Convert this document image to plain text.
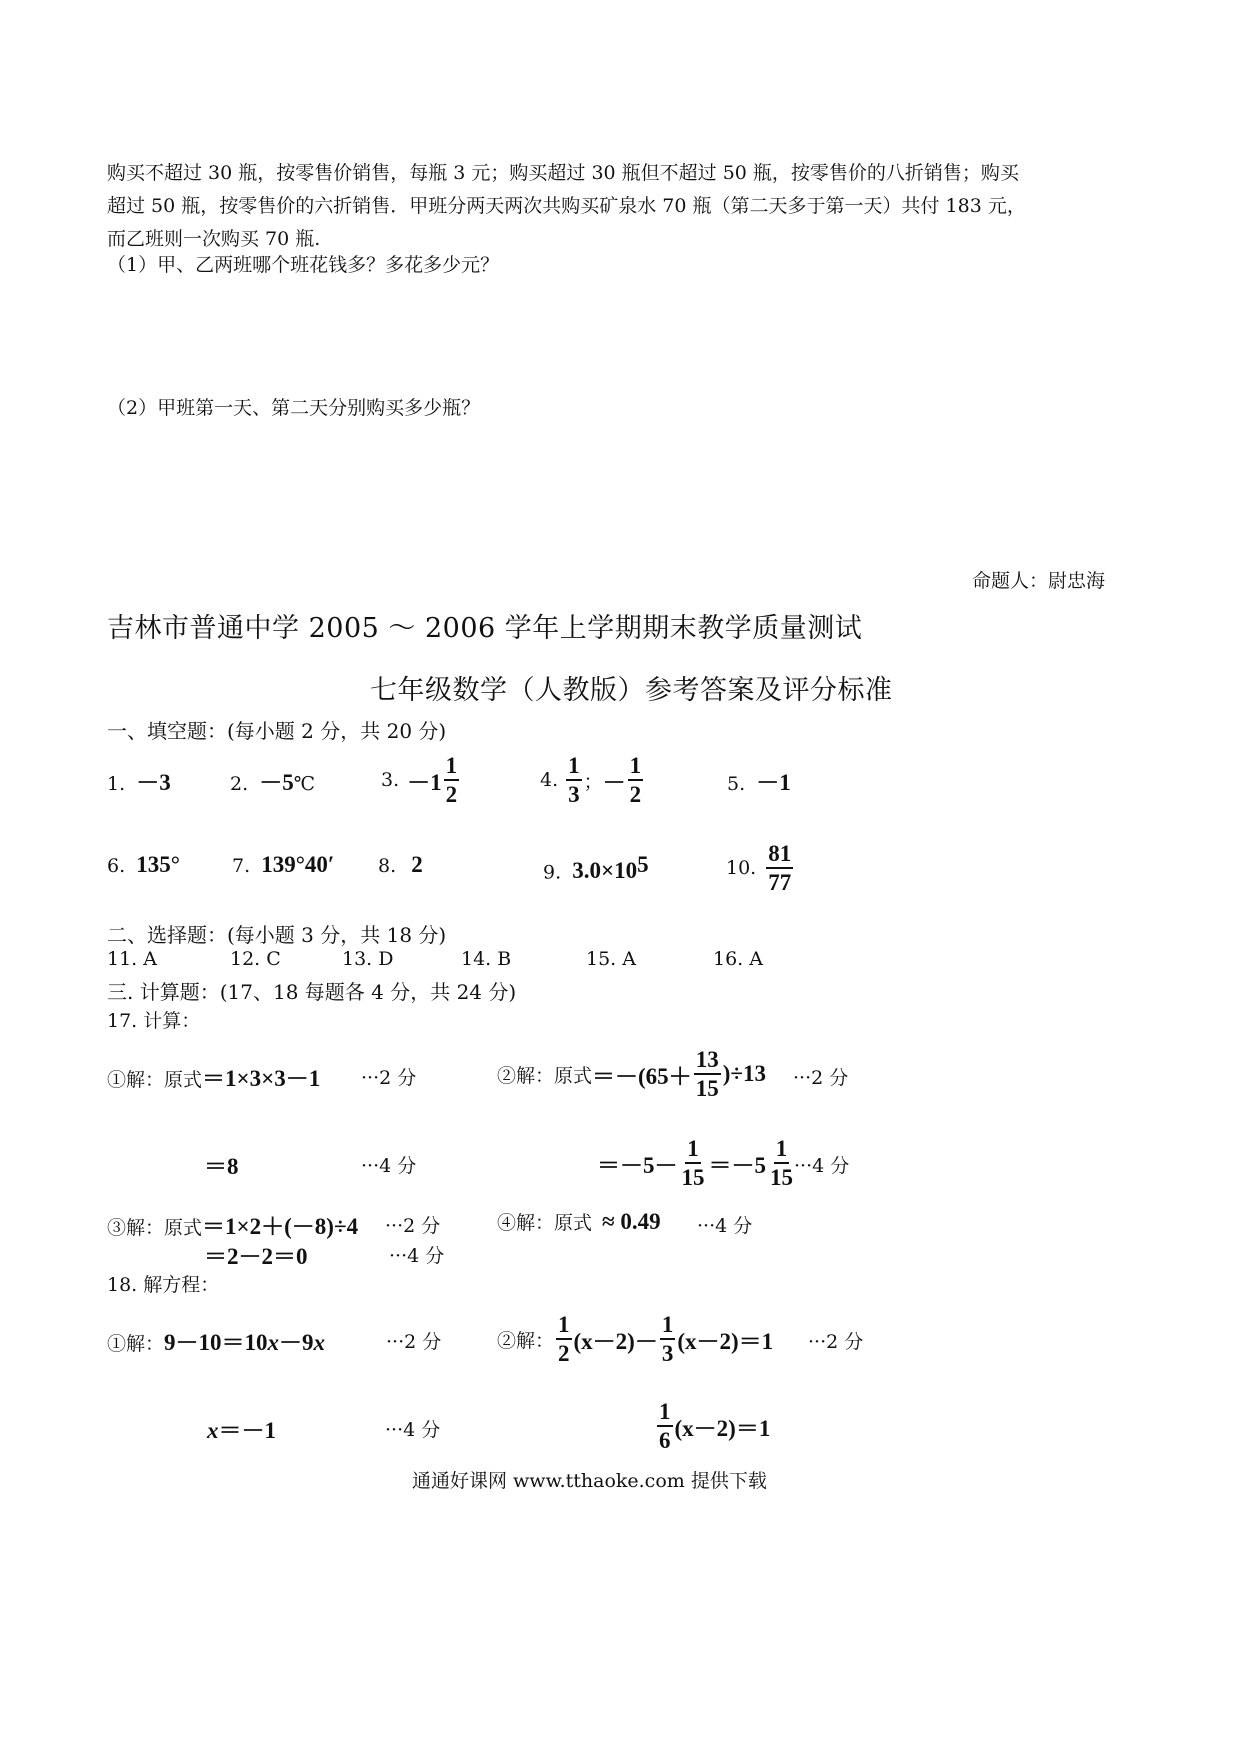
购买不超过 30 瓶，按零售价销售，每瓶 3 元；购买超过 30 瓶但不超过 50 瓶，按零售价的八折销售；购买
超过 50 瓶，按零售价的六折销售．甲班分两天两次共购买矿泉水 70 瓶（第二天多于第一天）共付 183 元，
而乙班则一次购买 70 瓶.
（1）甲、乙两班哪个班花钱多？多花多少元？
（2）甲班第一天、第二天分别购买多少瓶？
命题人：尉忠海
吉林市普通中学 2005 ～ 2006 学年上学期期末教学质量测试
七年级数学（人教版）参考答案及评分标准
一、填空题：(每小题 2 分，共 20 分)
1. －3	2. －5℃	3. $-1 \frac{1}{2}$	4. $\frac{1}{3}$ ； － $\frac{1}{2}$	5. －1
6. 135°	7. 139°40′ 8. 2	9. $3.0\times 10^5$	10. $\frac{81}{77}$
二、选择题：(每小题 3 分，共 18 分)
11. A	12. C	13. D	14. B	15. A	16. A
三. 计算题：(17、18 每题各 4 分，共 24 分)
17. 计算：
①解：原式＝1×3×3－1 ···2 分
＝8	···4 分
②解：原式 $=-(65+ \frac{13}{15} )\div 13 \cdot\cdot\cdot 2$ 分
$=-5- \frac{1}{15} =-5 \frac{1}{15} \cdot\cdot\cdot 4$ 分
③解：原式＝1×2＋(－8)÷4 ···2 分
＝2－2＝0	···4 分
④解：原式 ≈ 0.49 ···4 分
18. 解方程：
①解：9－10＝10x－9x	···2 分
x＝－1	···4 分
②解： $\frac{1}{2} (x-2)- \frac{1}{3} (x-2)=1 \cdot\cdot\cdot 2$ 分
$\frac{1}{6} (x-2)=1$
通通好课网 www.tthaoke.com 提供下载
